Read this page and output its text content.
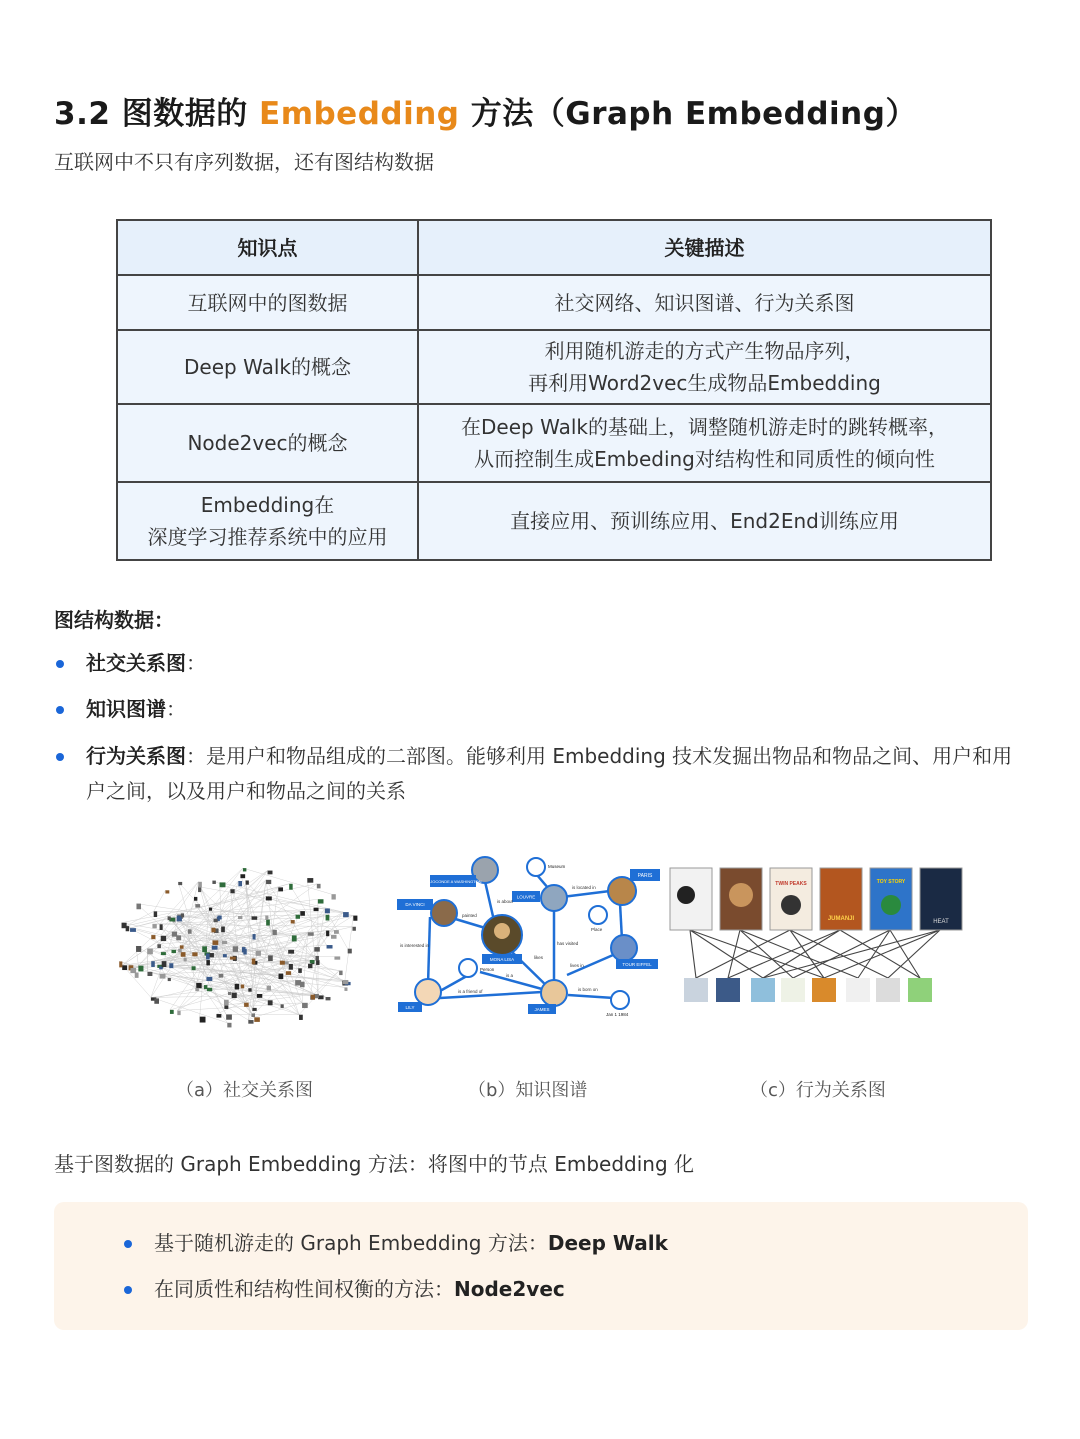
3.2 图数据的 Embedding 方法（Graph Embedding）
互联网中不只有序列数据，还有图结构数据
知识点	关键描述
互联网中的图数据	社交网络、知识图谱、行为关系图
Deep Walk的概念	利用随机游走的方式产生物品序列，
再利用Word2vec生成物品Embedding
Node2vec的概念	在Deep Walk的基础上，调整随机游走时的跳转概率，
从而控制生成Embeding对结构性和同质性的倾向性
Embedding在
深度学习推荐系统中的应用	直接应用、预训练应用、End2End训练应用
图结构数据：
社交关系图：
知识图谱：
行为关系图：是用户和物品组成的二部图。能够利用 Embedding 技术发掘出物品和物品之间、用户和用户之间，以及用户和物品之间的关系
LA JOCONDE A WASHINGTON
Museum
PARIS
DA VINCI
LOUVRE
is located in
is about
painted
has visited
Place
MONA LISA
is interested in
Person
is a
likes
lives in	TOUR EIFFEL
is a friend of	is born on
LILY	JAMES
Jan 1 1984
TWIN PEAKS
JUMANJI
TOY STORY
HEAT
（a）社交关系图	（b）知识图谱	（c）行为关系图
基于图数据的 Graph Embedding 方法：将图中的节点 Embedding 化
基于随机游走的 Graph Embedding 方法：Deep Walk
在同质性和结构性间权衡的方法：Node2vec
